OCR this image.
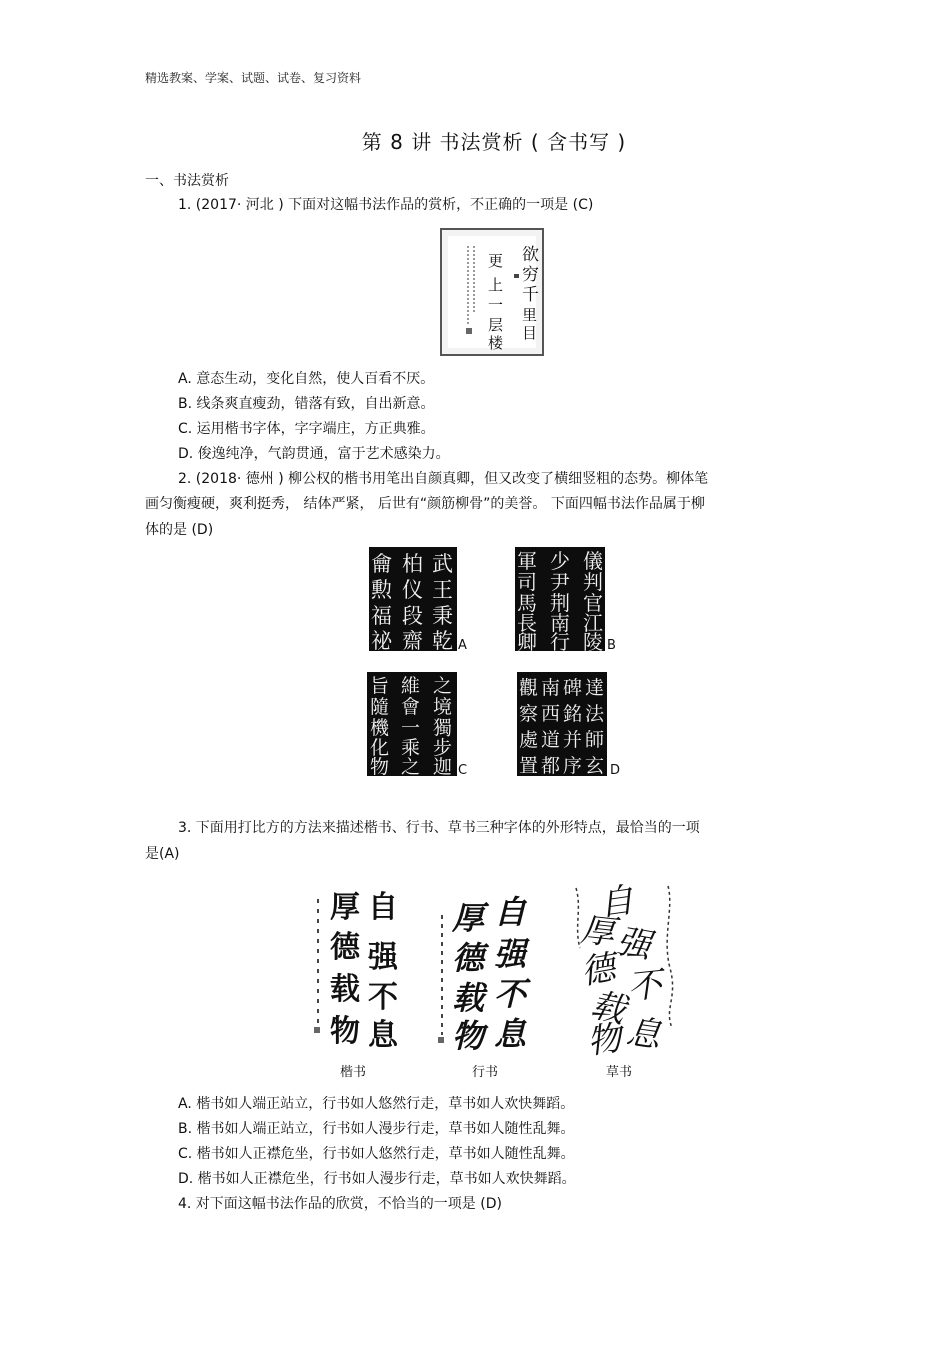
精选教案、学案、试题、试卷、复习资料
第 8 讲 书法赏析 ( 含书写 )
一、书法赏析
1. (2017· 河北 ) 下面对这幅书法作品的赏析，不正确的一项是 (C)
欲
穷
千
里
目
更
上
一
层
楼
A. 意态生动，变化自然，使人百看不厌。
B. 线条爽直瘦劲，错落有致，自出新意。
C. 运用楷书字体，字字端庄，方正典雅。
D. 俊逸纯净，气韵贯通，富于艺术感染力。
2. (2018· 德州 ) 柳公权的楷书用笔出自颜真卿，但又改变了横细竖粗的态势。柳体笔
画匀衡瘦硬，爽利挺秀， 结体严紧， 后世有“颜筋柳骨”的美誉。 下面四幅书法作品属于柳
体的是 (D)
武
王
秉
乾
柏
仪
段
齋
龠
勲
福
祕	A
儀
判
官
江
陵
少
尹
荆
南
行
軍
司
馬
長
卿	B
之
境
獨
步
迦
維
會
一
乘
之
旨
隨
機
化
物	C
達
法
師
玄
碑
銘
并
序
南
西
道
都
觀
察
處
置	D
3. 下面用打比方的方法来描述楷书、行书、草书三种字体的外形特点，最恰当的一项
是(A)
自
强
不
息
厚
德
载
物
楷书
自
强
不
息
厚
德
载
物
行书
自
强
不
息
厚
德
载
物
草书
A. 楷书如人端正站立，行书如人悠然行走，草书如人欢快舞蹈。
B. 楷书如人端正站立，行书如人漫步行走，草书如人随性乱舞。
C. 楷书如人正襟危坐，行书如人悠然行走，草书如人随性乱舞。
D. 楷书如人正襟危坐，行书如人漫步行走，草书如人欢快舞蹈。
4. 对下面这幅书法作品的欣赏，不恰当的一项是 (D)
